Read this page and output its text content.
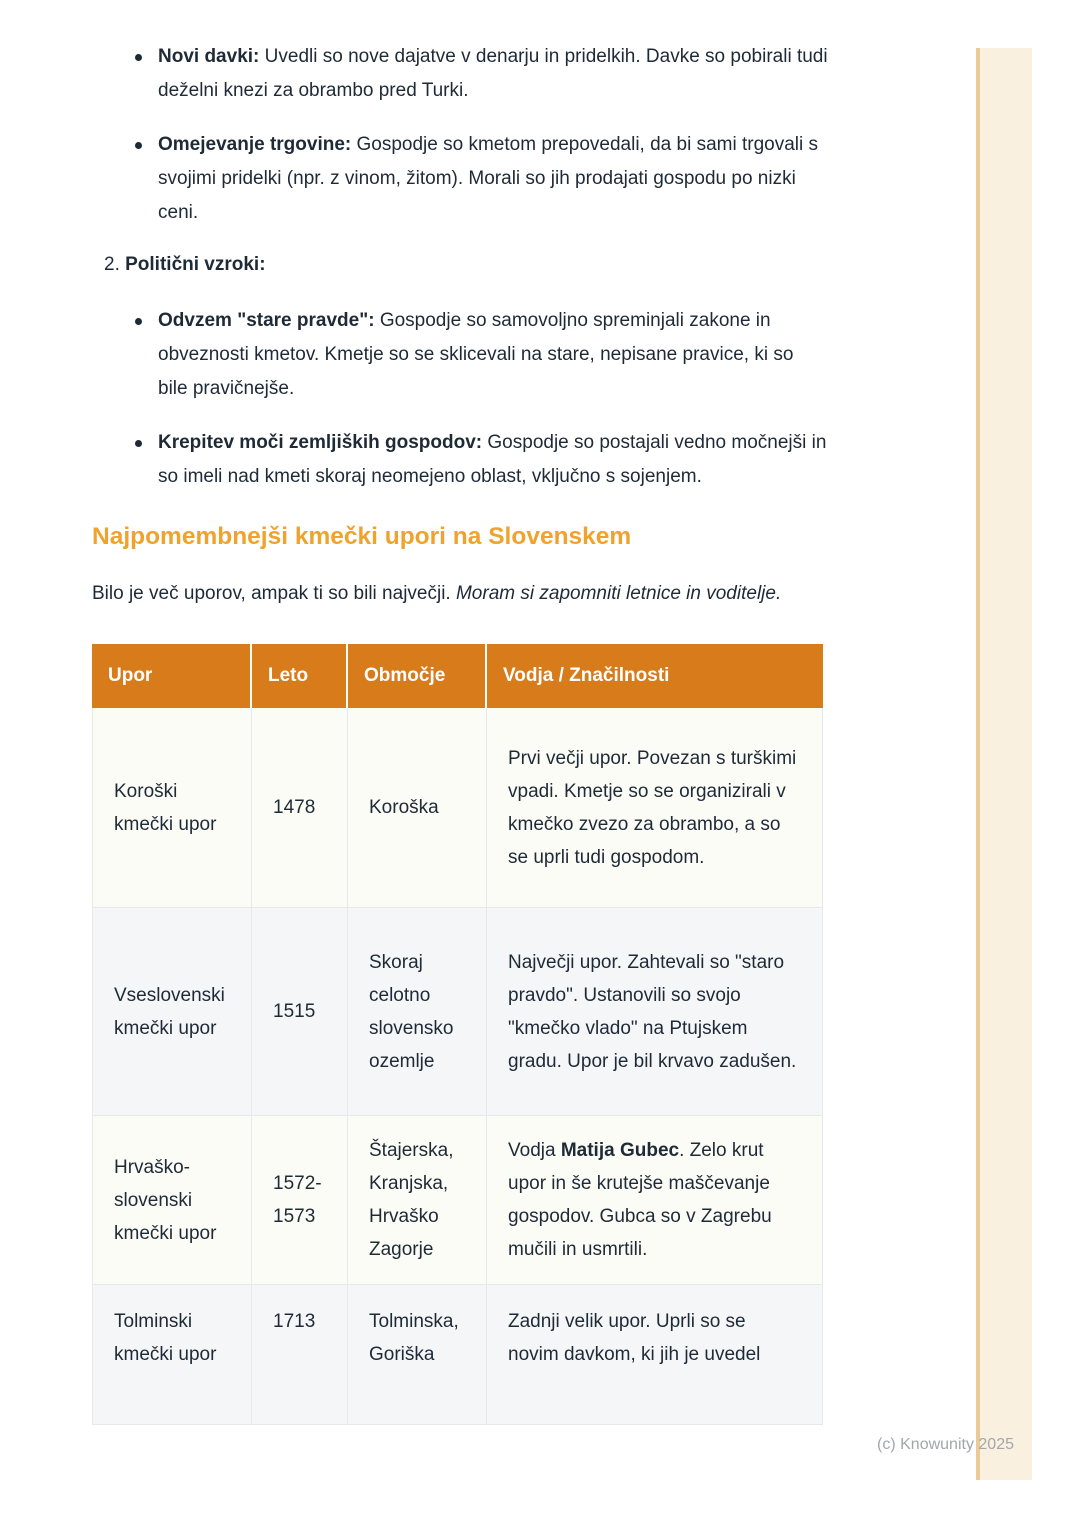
Novi davki: Uvedli so nove dajatve v denarju in pridelkih. Davke so pobirali tudi deželni knezi za obrambo pred Turki.
Omejevanje trgovine: Gospodje so kmetom prepovedali, da bi sami trgovali s svojimi pridelki (npr. z vinom, žitom). Morali so jih prodajati gospodu po nizki ceni.
2. Politični vzroki:
Odvzem "stare pravde": Gospodje so samovoljno spreminjali zakone in obveznosti kmetov. Kmetje so se sklicevali na stare, nepisane pravice, ki so bile pravičnejše.
Krepitev moči zemljiških gospodov: Gospodje so postajali vedno močnejši in so imeli nad kmeti skoraj neomejeno oblast, vključno s sojenjem.
Najpomembnejši kmečki upori na Slovenskem

Bilo je več uporov, ampak ti so bili največji. Moram si zapomniti letnice in voditelje.

Upor	Leto	Območje	Vodja / Značilnosti
Koroški kmečki upor	1478	Koroška	Prvi večji upor. Povezan s turškimi vpadi. Kmetje so se organizirali v kmečko zvezo za obrambo, a so se uprli tudi gospodom.
Vseslovenski kmečki upor	1515	Skoraj celotno slovensko ozemlje	Največji upor. Zahtevali so "staro pravdo". Ustanovili so svojo "kmečko vlado" na Ptujskem gradu. Upor je bil krvavo zadušen.
Hrvaško-slovenski kmečki upor	1572-1573	Štajerska, Kranjska, Hrvaško Zagorje	Vodja Matija Gubec. Zelo krut upor in še krutejše maščevanje gospodov. Gubca so v Zagrebu mučili in usmrtili.
Tolminski kmečki upor	1713	Tolminska, Goriška	Zadnji velik upor. Uprli so se novim davkom, ki jih je uvedel
(c) Knowunity 2025
